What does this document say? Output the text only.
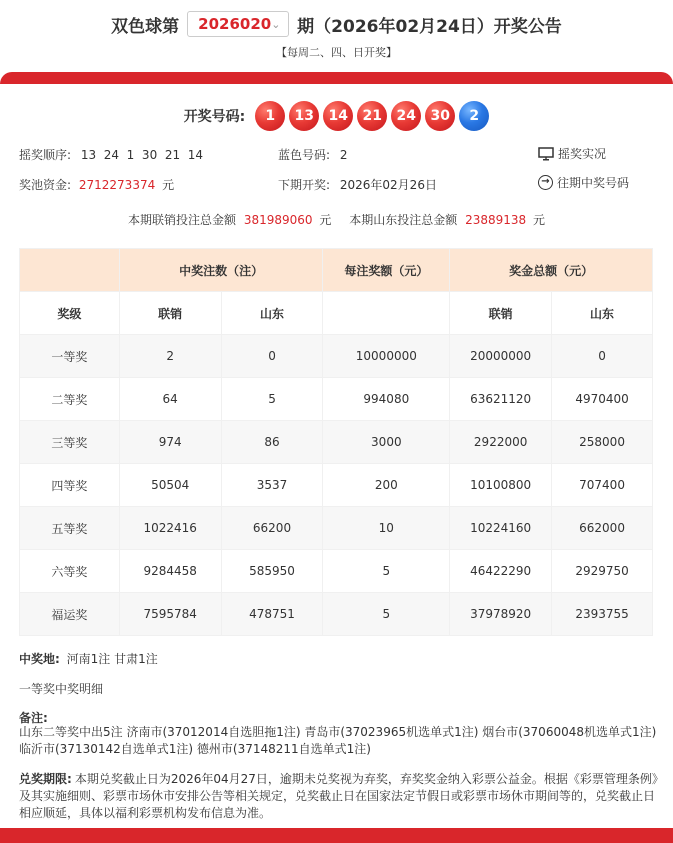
双色球第 2026020 ⌄ 期（2026年02月24日）开奖公告
【每周二、四、日开奖】
开奖号码:	1	13	14	21	24	30	2
摇奖顺序: 13  24  1  30  21  14	蓝色号码: 2	摇奖实况
奖池资金: 2712273374 元	下期开奖: 2026年02月26日	→ 往期中奖号码
本期联销投注总金额 381989060 元 本期山东投注总金额 23889138 元
	中奖注数（注）		每注奖额（元）	奖金总额（元）	
奖级	联销	山东		联销	山东
一等奖	2	0	10000000	20000000	0
二等奖	64	5	994080	63621120	4970400
三等奖	974	86	3000	2922000	258000
四等奖	50504	3537	200	10100800	707400
五等奖	1022416	66200	10	10224160	662000
六等奖	9284458	585950	5	46422290	2929750
福运奖	7595784	478751	5	37978920	2393755
中奖地: 河南1注 甘肃1注
一等奖中奖明细
备注:
山东二等奖中出5注 济南市(37012014自选胆拖1注) 青岛市(37023965机选单式1注) 烟台市(37060048机选单式1注) 临沂市(37130142自选单式1注) 德州市(37148211自选单式1注)
兑奖期限: 本期兑奖截止日为2026年04月27日，逾期未兑奖视为弃奖，弃奖奖金纳入彩票公益金。根据《彩票管理条例》及其实施细则、彩票市场休市安排公告等相关规定，兑奖截止日在国家法定节假日或彩票市场休市期间等的，兑奖截止日相应顺延，具体以福利彩票机构发布信息为准。
